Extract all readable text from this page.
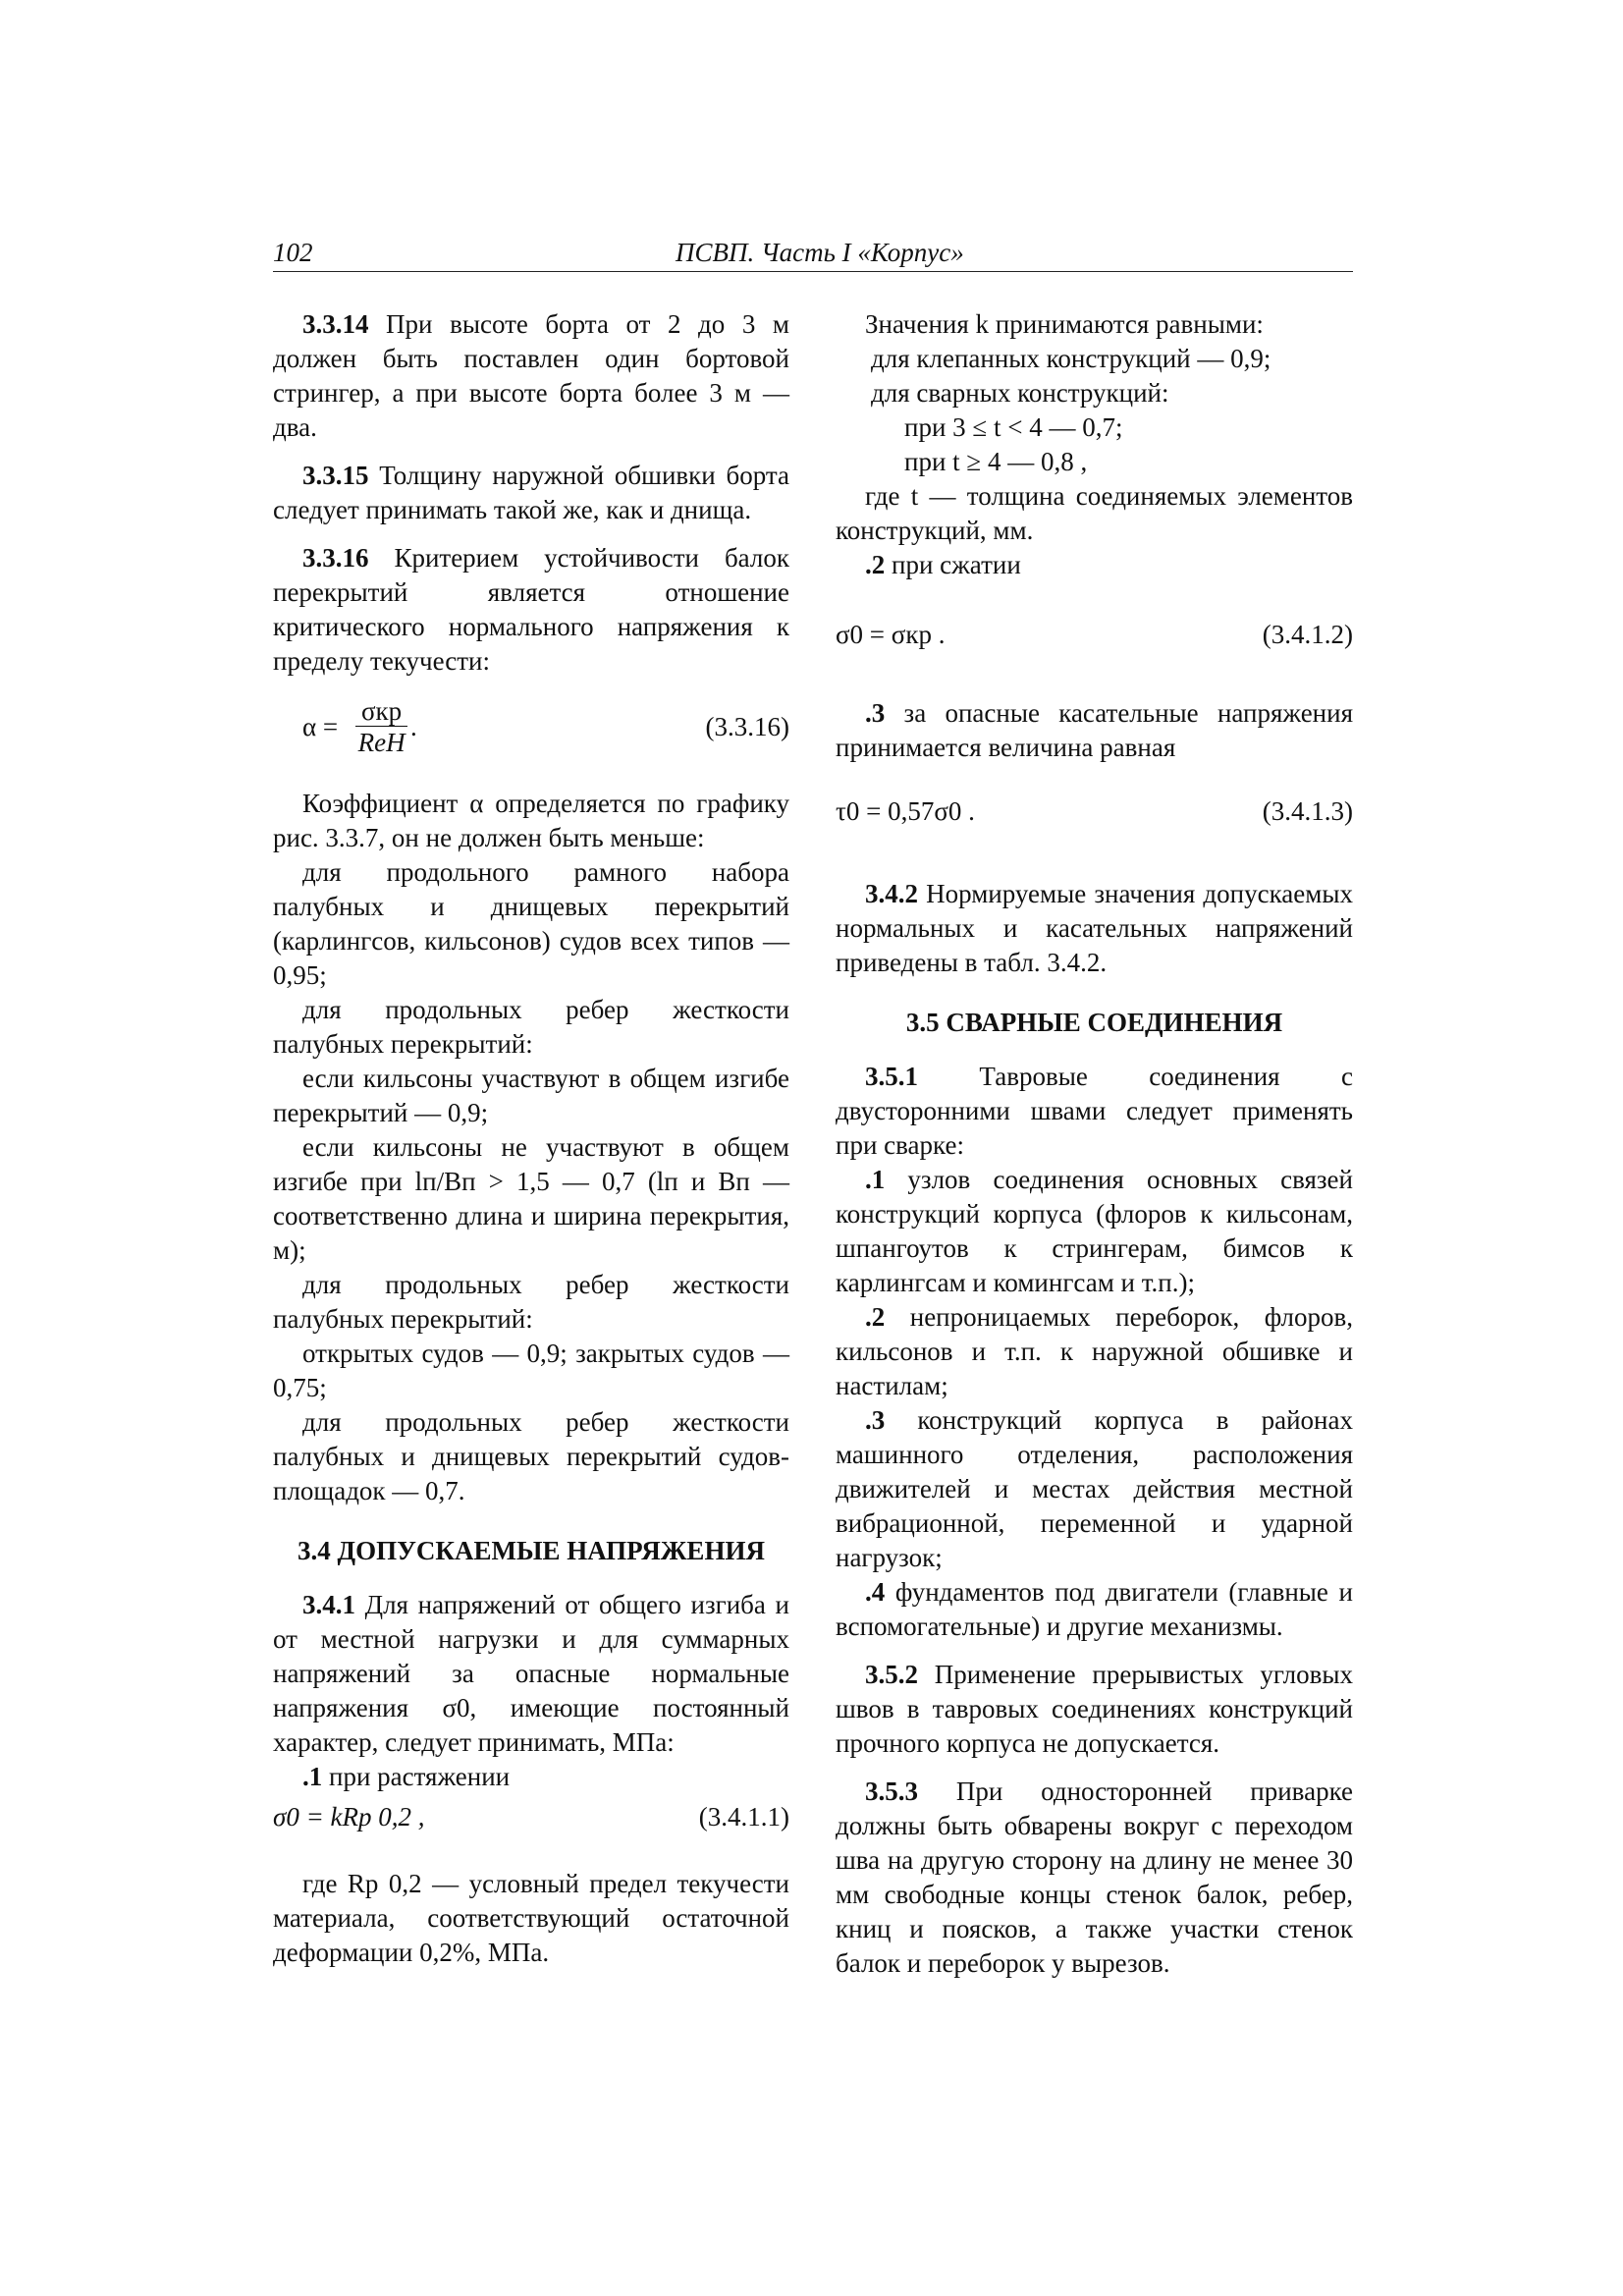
102	ПСВП. Часть I «Корпус»

3.3.14 При высоте борта от 2 до 3 м должен быть поставлен один бортовой стрингер, а при высоте борта более 3 м — два.

3.3.15 Толщину наружной обшивки борта следует принимать такой же, как и днища.

3.3.16 Критерием устойчивости балок перекрытий является отношение критического нормального напряжения к пределу текучести:

α =
σкр
ReH
.	(3.3.16)

Коэффициент α определяется по графику рис. 3.3.7, он не должен быть меньше:

для продольного рамного набора палубных и днищевых перекрытий (карлингсов, кильсонов) судов всех типов — 0,95;

для продольных ребер жесткости палубных перекрытий:

если кильсоны участвуют в общем изгибе перекрытий — 0,9;

если кильсоны не участвуют в общем изгибе при lп/Bп > 1,5 — 0,7 (lп и Bп — соответственно длина и ширина перекрытия, м);

для продольных ребер жесткости палубных перекрытий:

открытых судов — 0,9; закрытых судов — 0,75;

для продольных ребер жесткости палубных и днищевых перекрытий судов-площадок — 0,7.

3.4 ДОПУСКАЕМЫЕ НАПРЯЖЕНИЯ

3.4.1 Для напряжений от общего изгиба и от местной нагрузки и для суммарных напряжений за опасные нормальные напряжения σ0, имеющие постоянный характер, следует принимать, МПа:

.1 при растяжении

σ0 = kRp 0,2 ,	(3.4.1.1)

где Rp 0,2 — условный предел текучести материала, соответствующий остаточной деформации 0,2%, МПа.

Значения k принимаются равными:

для клепанных конструкций — 0,9;

для сварных конструкций:

при 3 ≤ t < 4 — 0,7;

при t ≥ 4 — 0,8 ,

где t — толщина соединяемых элементов конструкций, мм.

.2 при сжатии

σ0 = σкр .	(3.4.1.2)

.3 за опасные касательные напряжения принимается величина равная

τ0 = 0,57σ0 .	(3.4.1.3)

3.4.2 Нормируемые значения допускаемых нормальных и касательных напряжений приведены в табл. 3.4.2.

3.5 СВАРНЫЕ СОЕДИНЕНИЯ

3.5.1 Тавровые соединения с двусторонними швами следует применять при сварке:

.1 узлов соединения основных связей конструкций корпуса (флоров к кильсонам, шпангоутов к стрингерам, бимсов к карлингсам и комингсам и т.п.);

.2 непроницаемых переборок, флоров, кильсонов и т.п. к наружной обшивке и настилам;

.3 конструкций корпуса в районах машинного отделения, расположения движителей и местах действия местной вибрационной, переменной и ударной нагрузок;

.4 фундаментов под двигатели (главные и вспомогательные) и другие механизмы.

3.5.2 Применение прерывистых угловых швов в тавровых соединениях конструкций прочного корпуса не допускается.

3.5.3 При односторонней приварке должны быть обварены вокруг с переходом шва на другую сторону на длину не менее 30 мм свободные концы стенок балок, ребер, книц и поясков, а также участки стенок балок и переборок у вырезов.
